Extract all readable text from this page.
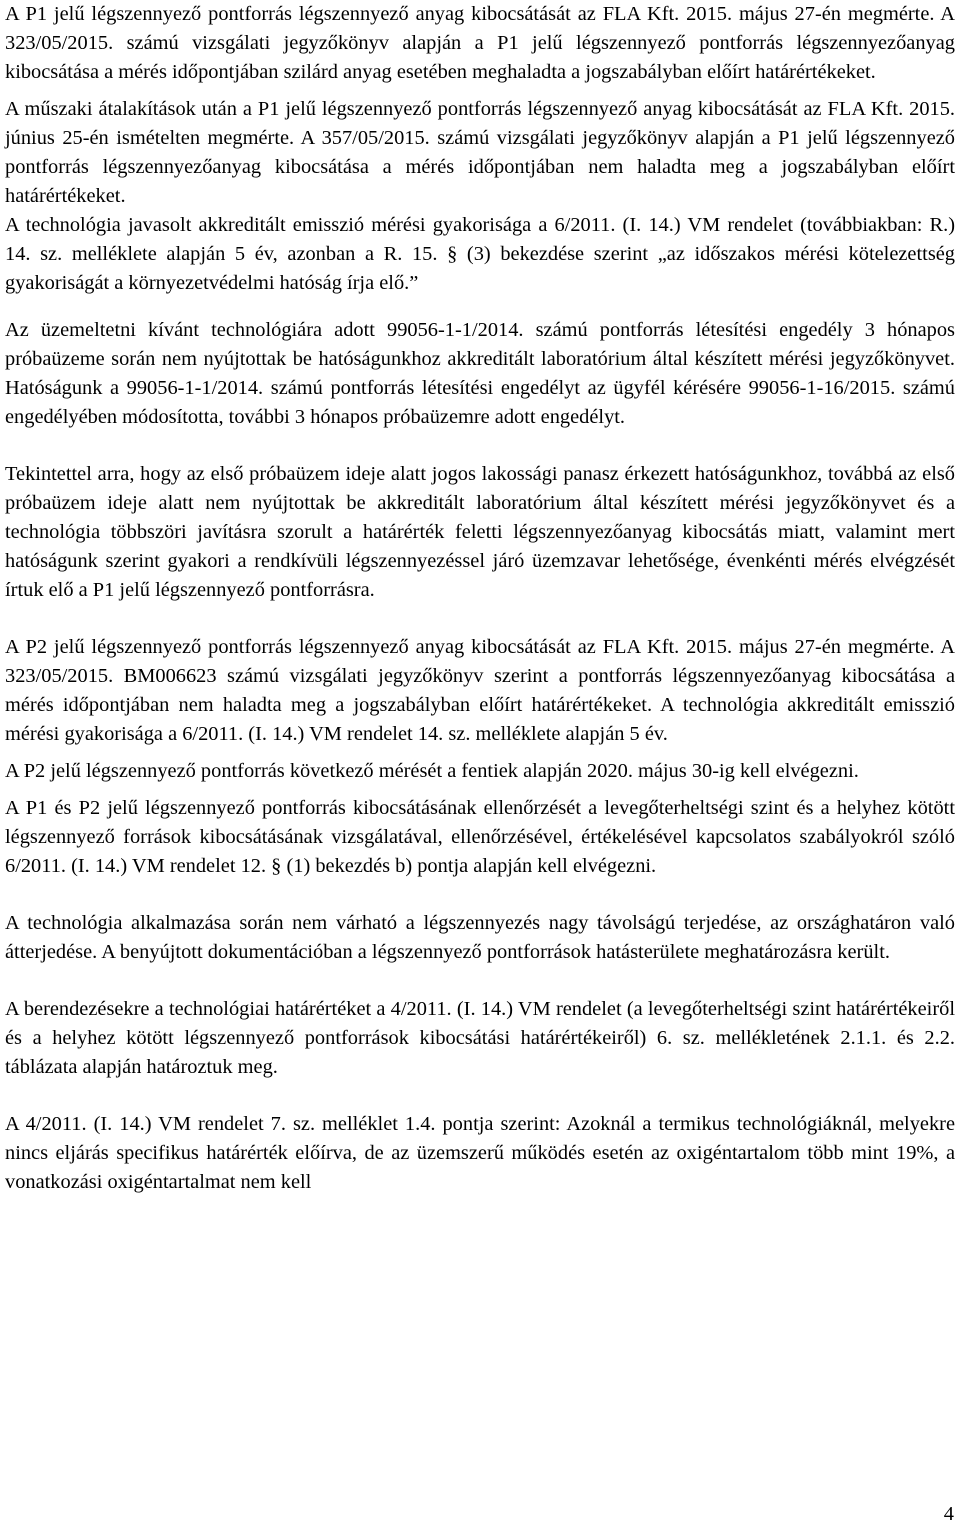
A P1 jelű légszennyező pontforrás légszennyező anyag kibocsátását az FLA Kft. 2015. május 27-én megmérte. A 323/05/2015. számú vizsgálati jegyzőkönyv alapján a P1 jelű légszennyező pontforrás légszennyezőanyag kibocsátása a mérés időpontjában szilárd anyag esetében meghaladta a jogszabályban előírt határértékeket.

A műszaki átalakítások után a P1 jelű légszennyező pontforrás légszennyező anyag kibocsátását az FLA Kft. 2015. június 25-én ismételten megmérte. A 357/05/2015. számú vizsgálati jegyzőkönyv alapján a P1 jelű légszennyező pontforrás légszennyezőanyag kibocsátása a mérés időpontjában nem haladta meg a jogszabályban előírt határértékeket.

A technológia javasolt akkreditált emisszió mérési gyakorisága a 6/2011. (I. 14.) VM rendelet (továbbiakban: R.) 14. sz. melléklete alapján 5 év, azonban a R. 15. § (3) bekezdése szerint „az időszakos mérési kötelezettség gyakoriságát a környezetvédelmi hatóság írja elő.”

Az üzemeltetni kívánt technológiára adott 99056-1-1/2014. számú pontforrás létesítési engedély 3 hónapos próbaüzeme során nem nyújtottak be hatóságunkhoz akkreditált laboratórium által készített mérési jegyzőkönyvet. Hatóságunk a 99056-1-1/2014. számú pontforrás létesítési engedélyt az ügyfél kérésére 99056-1-16/2015. számú engedélyében módosította, további 3 hónapos próbaüzemre adott engedélyt.

Tekintettel arra, hogy az első próbaüzem ideje alatt jogos lakossági panasz érkezett hatóságunkhoz, továbbá az első próbaüzem ideje alatt nem nyújtottak be akkreditált laboratórium által készített mérési jegyzőkönyvet és a technológia többszöri javításra szorult a határérték feletti légszennyezőanyag kibocsátás miatt, valamint mert hatóságunk szerint gyakori a rendkívüli légszennyezéssel járó üzemzavar lehetősége, évenkénti mérés elvégzését írtuk elő a P1 jelű légszennyező pontforrásra.

A P2 jelű légszennyező pontforrás légszennyező anyag kibocsátását az FLA Kft. 2015. május 27-én megmérte. A 323/05/2015. BM006623 számú vizsgálati jegyzőkönyv szerint a pontforrás légszennyezőanyag kibocsátása a mérés időpontjában nem haladta meg a jogszabályban előírt határértékeket. A technológia akkreditált emisszió mérési gyakorisága a 6/2011. (I. 14.) VM rendelet 14. sz. melléklete alapján 5 év.

A P2 jelű légszennyező pontforrás következő mérését a fentiek alapján 2020. május 30-ig kell elvégezni.

A P1 és P2 jelű légszennyező pontforrás kibocsátásának ellenőrzését a levegőterheltségi szint és a helyhez kötött légszennyező források kibocsátásának vizsgálatával, ellenőrzésével, értékelésével kapcsolatos szabályokról szóló 6/2011. (I. 14.) VM rendelet 12. § (1) bekezdés b) pontja alapján kell elvégezni.

A technológia alkalmazása során nem várható a légszennyezés nagy távolságú terjedése, az országhatáron való átterjedése. A benyújtott dokumentációban a légszennyező pontforrások hatásterülete meghatározásra került.

A berendezésekre a technológiai határértéket a 4/2011. (I. 14.) VM rendelet (a levegőterheltségi szint határértékeiről és a helyhez kötött légszennyező pontforrások kibocsátási határértékeiről) 6. sz. mellékletének 2.1.1. és 2.2. táblázata alapján határoztuk meg.

A 4/2011. (I. 14.) VM rendelet 7. sz. melléklet 1.4. pontja szerint: Azoknál a termikus technológiáknál, melyekre nincs eljárás specifikus határérték előírva, de az üzemszerű működés esetén az oxigéntartalom több mint 19%, a vonatkozási oxigéntartalmat nem kell

4
